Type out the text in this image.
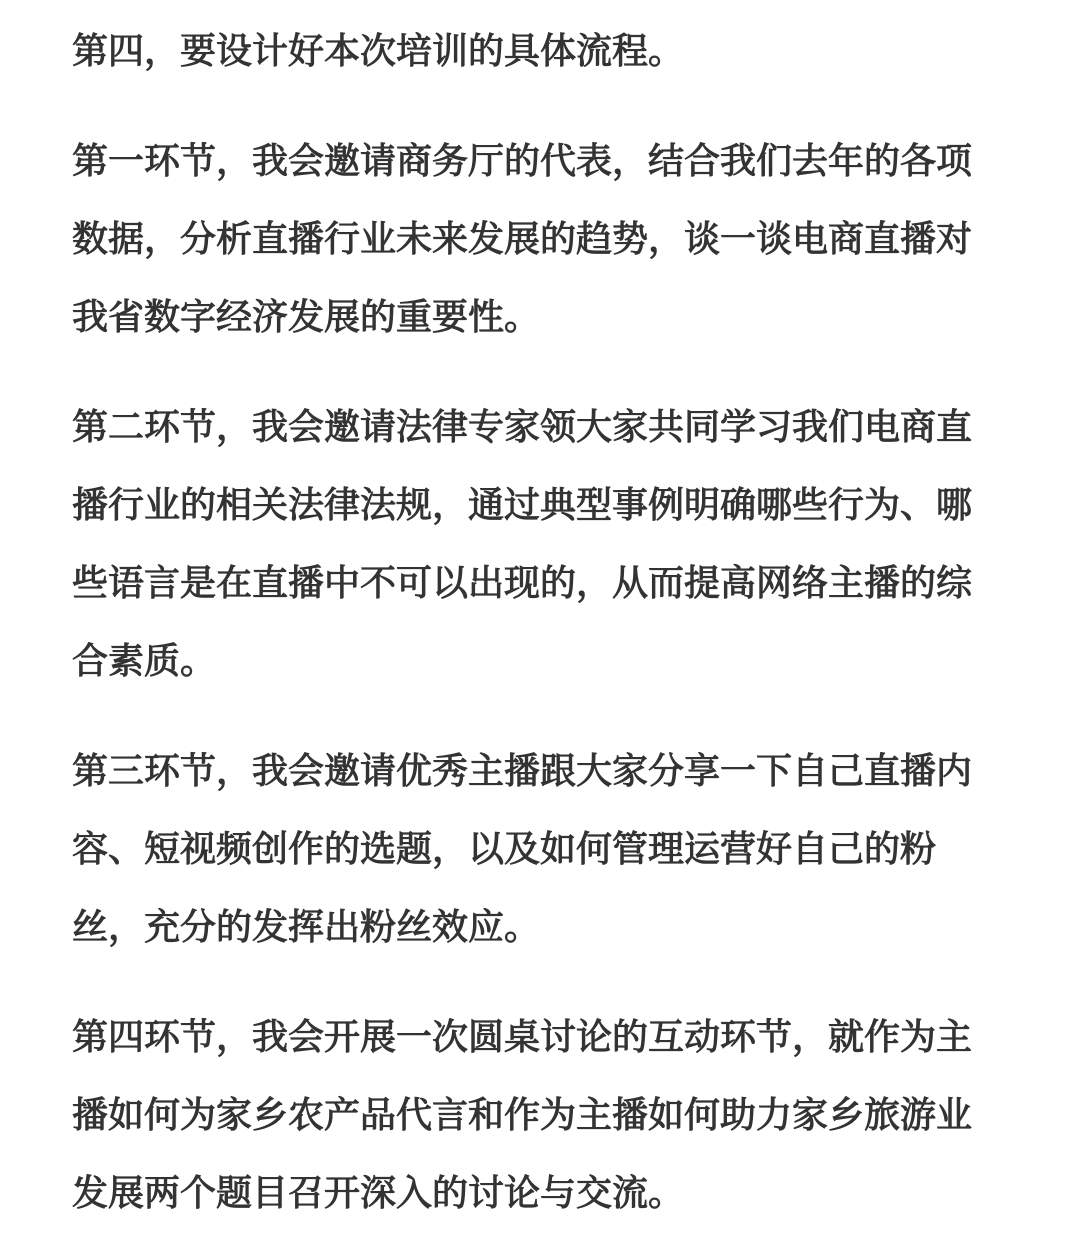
第四，要设计好本次培训的具体流程。

第一环节，我会邀请商务厅的代表，结合我们去年的各项
数据，分析直播行业未来发展的趋势，谈一谈电商直播对
我省数字经济发展的重要性。

第二环节，我会邀请法律专家领大家共同学习我们电商直
播行业的相关法律法规，通过典型事例明确哪些行为、哪
些语言是在直播中不可以出现的，从而提高网络主播的综
合素质。

第三环节，我会邀请优秀主播跟大家分享一下自己直播内
容、短视频创作的选题，以及如何管理运营好自己的粉
丝，充分的发挥出粉丝效应。

第四环节，我会开展一次圆桌讨论的互动环节，就作为主
播如何为家乡农产品代言和作为主播如何助力家乡旅游业
发展两个题目召开深入的讨论与交流。
